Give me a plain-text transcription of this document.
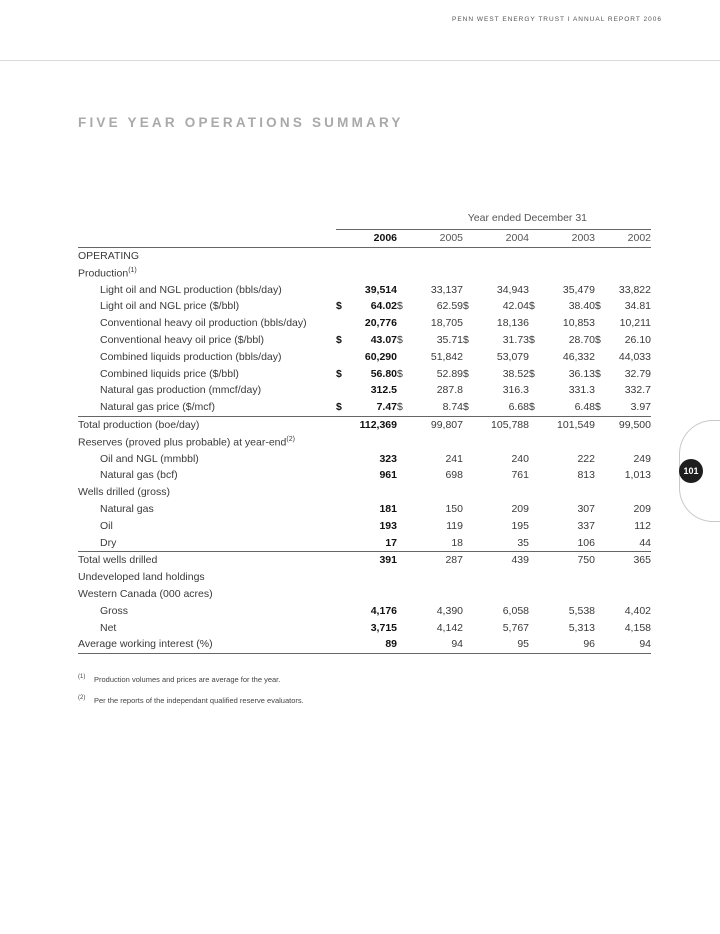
PENN WEST ENERGY TRUST I ANNUAL REPORT 2006
FIVE YEAR OPERATIONS SUMMARY
101
	Year ended December 31									

	2006		2005		2004		2003		2002	
OPERATING										
Production$^{(1)}$
Light oil and NGL production (bbls/day)		39,514		33,137		34,943		35,479		33,822
Light oil and NGL price ($/bbl)	$	64.02	$	62.59	$	42.04	$	38.40	$	34.81
Conventional heavy oil production (bbls/day)		20,776		18,705		18,136		10,853		10,211
Conventional heavy oil price ($/bbl)	$	43.07	$	35.71	$	31.73	$	28.70	$	26.10
Combined liquids production (bbls/day)		60,290		51,842		53,079		46,332		44,033
Combined liquids price ($/bbl)	$	56.80	$	52.89	$	38.52	$	36.13	$	32.79
Natural gas production (mmcf/day)		312.5		287.8		316.3		331.3		332.7
Natural gas price ($/mcf)	$	7.47	$	8.74	$	6.68	$	6.48	$	3.97
Total production (boe/day)		112,369		99,807		105,788		101,549		99,500
Reserves (proved plus probable) at year-end$^{(2)}$
Oil and NGL (mmbbl)		323		241		240		222		249
Natural gas (bcf)		961		698		761		813		1,013
Wells drilled (gross)										
Natural gas		181		150		209		307		209
Oil		193		119		195		337		112
Dry		17		18		35		106		44
Total wells drilled		391		287		439		750		365
Undeveloped land holdings										
Western Canada (000 acres)										
Gross		4,176		4,390		6,058		5,538		4,402
Net		3,715		4,142		5,767		5,313		4,158
Average working interest (%)		89		94		95		96		94
$^{(1)}$ Production volumes and prices are average for the year.
$^{(2)}$ Per the reports of the independant qualified reserve evaluators.
